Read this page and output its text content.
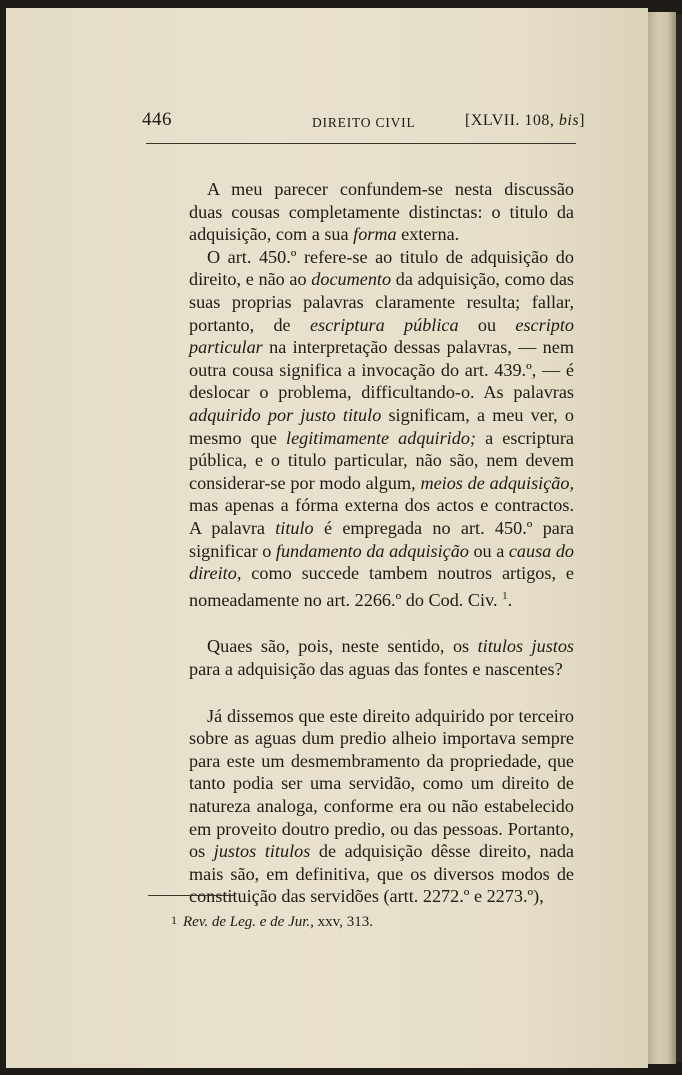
446	DIREITO CIVIL	[XLVII. 108, bis]

A meu parecer confundem-se nesta discussão duas cousas completamente distinctas: o titulo da adquisição, com a sua forma externa.

O art. 450.º refere-se ao titulo de adquisição do direito, e não ao documento da adquisição, como das suas proprias palavras claramente resulta; fallar, portanto, de escriptura pública ou escripto particular na interpretação dessas palavras, — nem outra cousa significa a invocação do art. 439.º, — é deslocar o problema, difficultando-o. As palavras adquirido por justo titulo significam, a meu ver, o mesmo que legitimamente adquirido; a escriptura pública, e o titulo particular, não são, nem devem considerar-se por modo algum, meios de adquisição, mas apenas a fórma externa dos actos e contractos. A palavra titulo é empregada no art. 450.º para significar o fundamento da adquisição ou a causa do direito, como succede tambem noutros artigos, e nomeadamente no art. 2266.º do Cod. Civ. $^1$.

Quaes são, pois, neste sentido, os titulos justos para a adquisição das aguas das fontes e nascentes?

Já dissemos que este direito adquirido por terceiro sobre as aguas dum predio alheio importava sempre para este um desmembramento da propriedade, que tanto podia ser uma servidão, como um direito de natureza analoga, conforme era ou não estabelecido em proveito doutro predio, ou das pessoas. Portanto, os justos titulos de adquisição dêsse direito, nada mais são, em definitiva, que os diversos modos de constituição das servidões (artt. 2272.º e 2273.º),

1 Rev. de Leg. e de Jur., xxv, 313.
